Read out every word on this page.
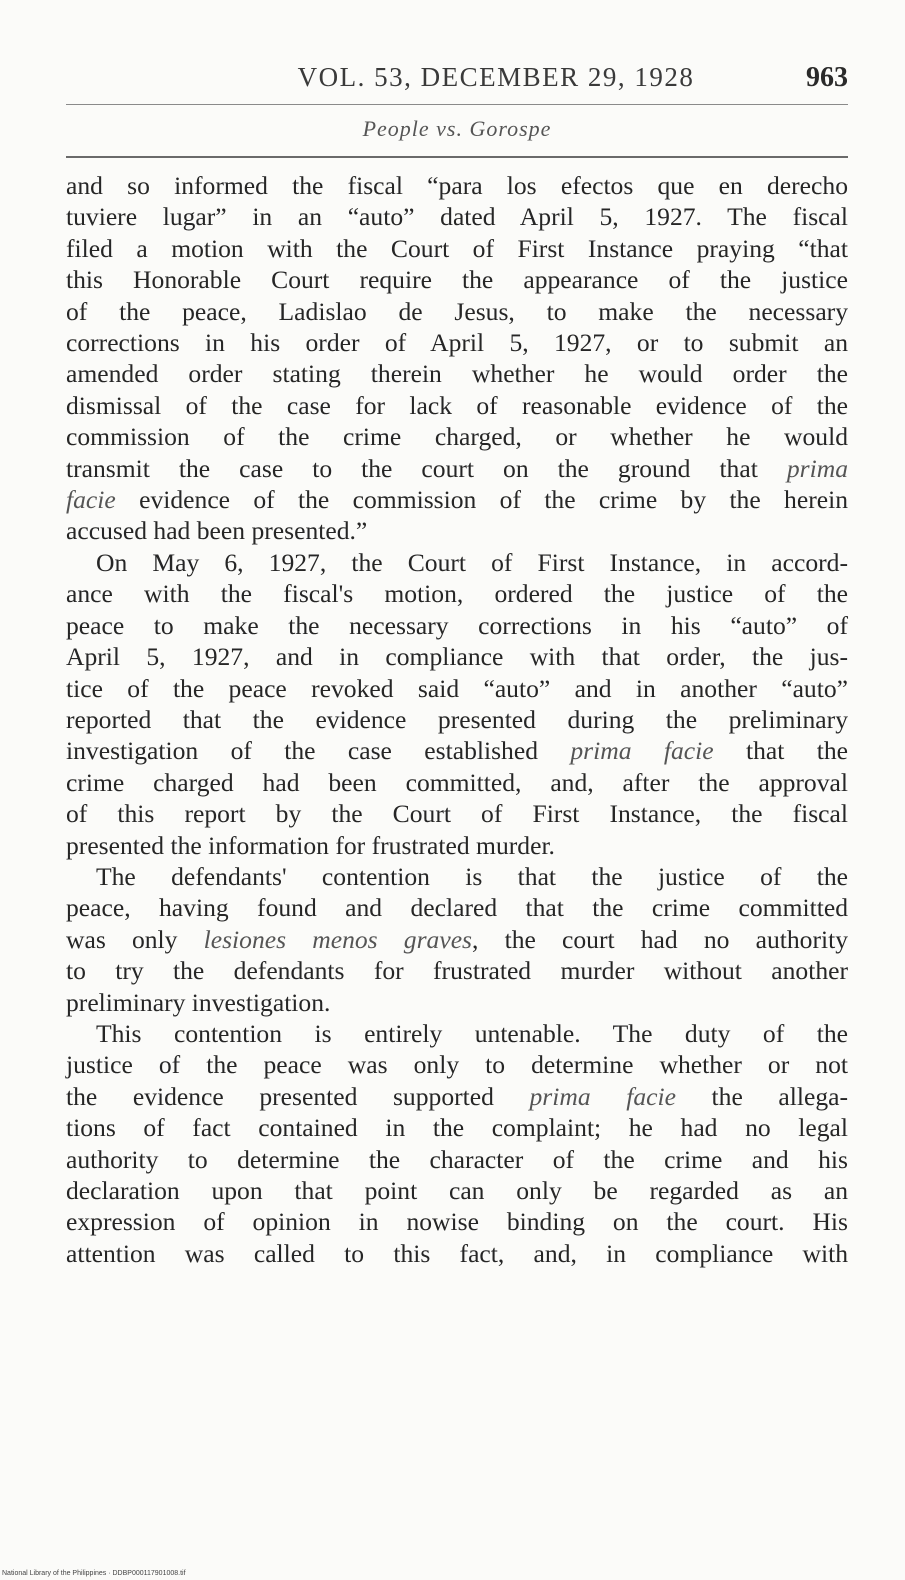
VOL. 53, DECEMBER 29, 1928	963
People vs. Gorospe
and so informed the fiscal “para los efectos que en derecho
tuviere lugar” in an “auto” dated April 5, 1927. The fiscal
filed a motion with the Court of First Instance praying “that
this Honorable Court require the appearance of the justice
of the peace, Ladislao de Jesus, to make the necessary
corrections in his order of April 5, 1927, or to submit an
amended order stating therein whether he would order the
dismissal of the case for lack of reasonable evidence of the
commission of the crime charged, or whether he would
transmit the case to the court on the ground that prima
facie evidence of the commission of the crime by the herein
accused had been presented.”
On May 6, 1927, the Court of First Instance, in accord-
ance with the fiscal's motion, ordered the justice of the
peace to make the necessary corrections in his “auto” of
April 5, 1927, and in compliance with that order, the jus-
tice of the peace revoked said “auto” and in another “auto”
reported that the evidence presented during the preliminary
investigation of the case established prima facie that the
crime charged had been committed, and, after the approval
of this report by the Court of First Instance, the fiscal
presented the information for frustrated murder.
The defendants' contention is that the justice of the
peace, having found and declared that the crime committed
was only lesiones menos graves, the court had no authority
to try the defendants for frustrated murder without another
preliminary investigation.
This contention is entirely untenable. The duty of the
justice of the peace was only to determine whether or not
the evidence presented supported prima facie the allega-
tions of fact contained in the complaint; he had no legal
authority to determine the character of the crime and his
declaration upon that point can only be regarded as an
expression of opinion in nowise binding on the court. His
attention was called to this fact, and, in compliance with
National Library of the Philippines · DDBP000117901008.tif
